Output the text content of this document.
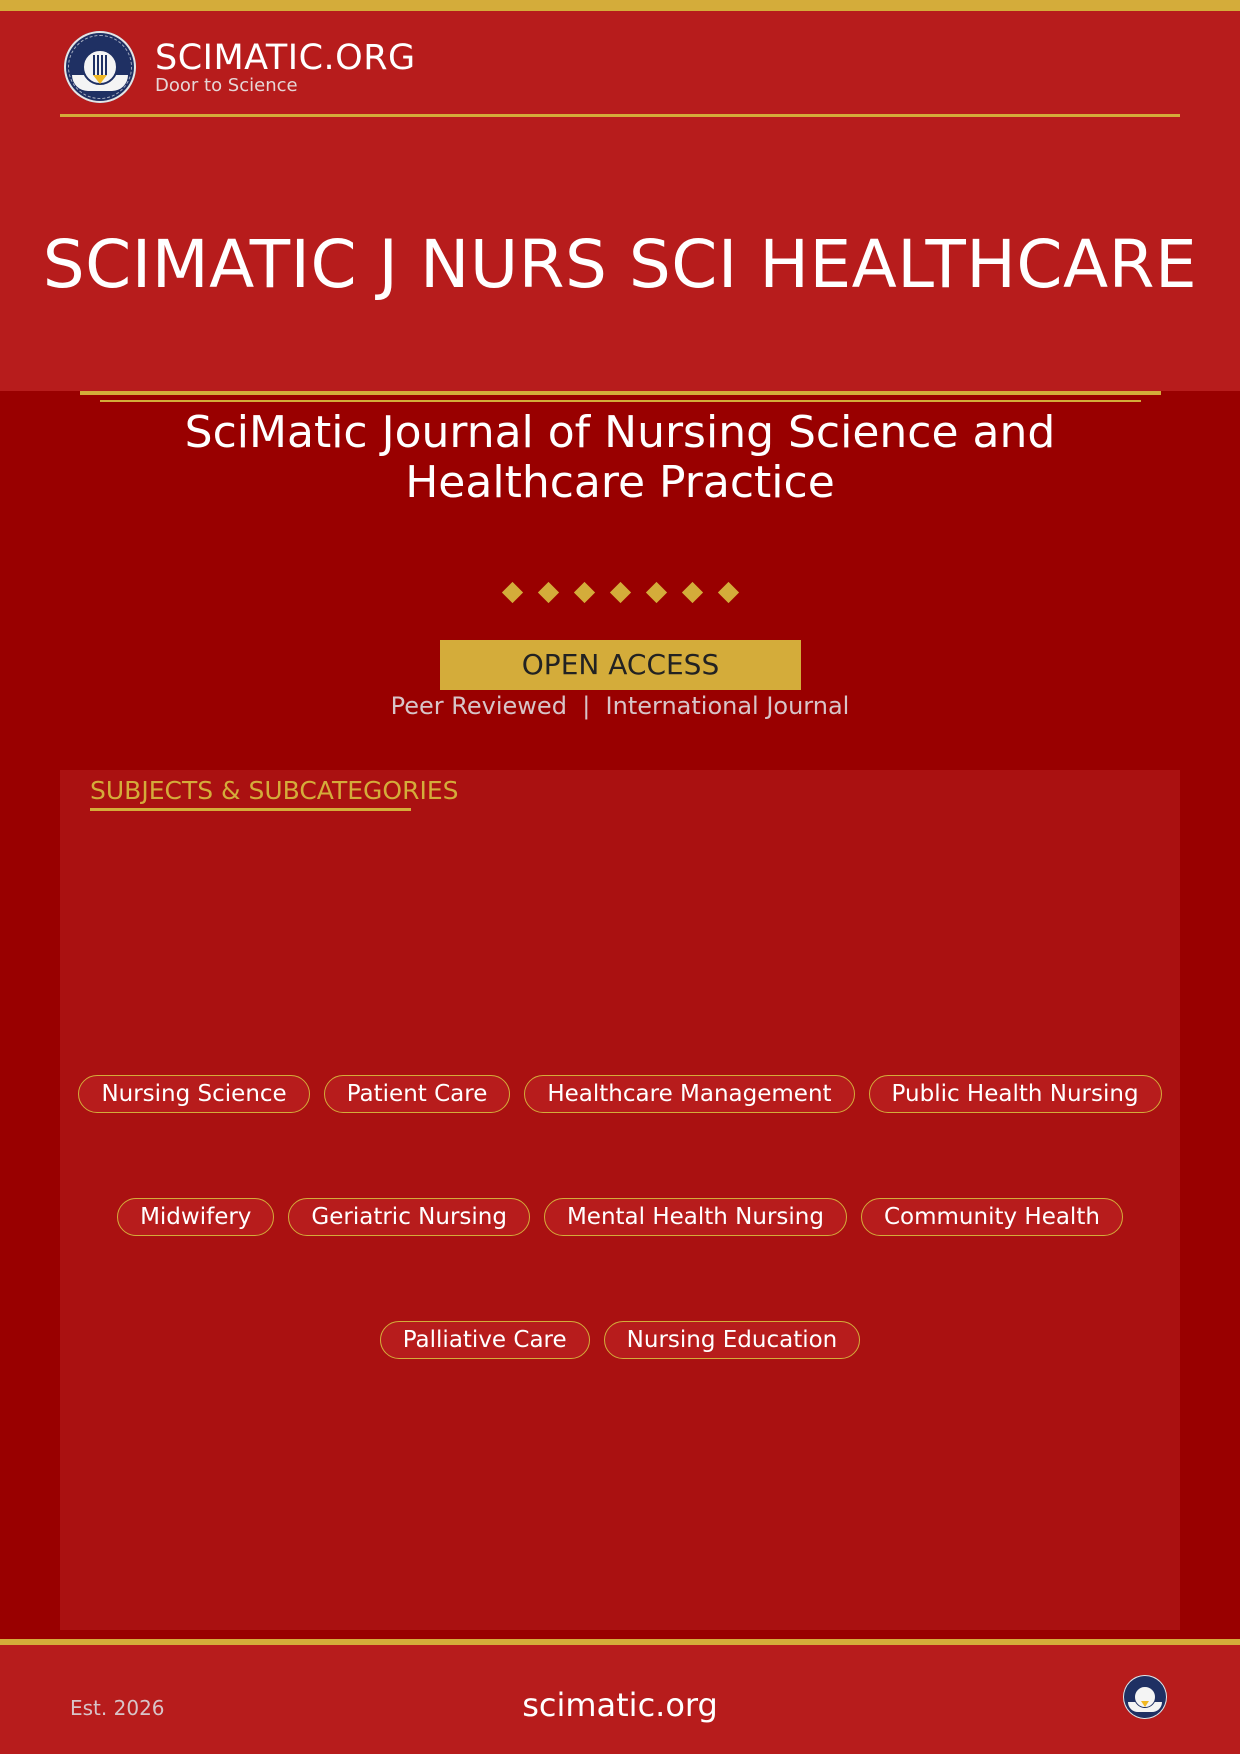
SCIMATIC.ORG
Door to Science
SCIMATIC J NURS SCI HEALTHCARE
SciMatic Journal of Nursing Science and Healthcare Practice
OPEN ACCESS
Peer Reviewed  |  International Journal
SUBJECTS & SUBCATEGORIES
Nursing Science	Patient Care	Healthcare Management	Public Health Nursing
Midwifery	Geriatric Nursing	Mental Health Nursing	Community Health
Palliative Care	Nursing Education
Est. 2026	scimatic.org
